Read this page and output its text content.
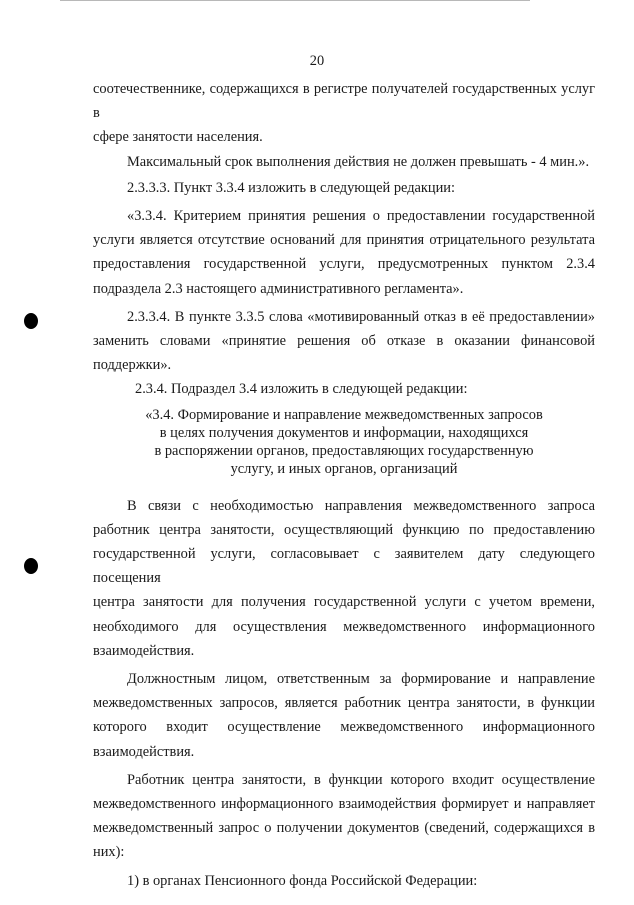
20

соотечественнике, содержащихся в регистре получателей государственных услуг в

сфере занятости населения.

Максимальный срок выполнения действия не должен превышать - 4 мин.».

2.3.3.3. Пункт 3.3.4 изложить в следующей редакции:

«3.3.4. Критерием принятия решения о предоставлении государственной

услуги является отсутствие оснований для принятия отрицательного результата

предоставления государственной услуги, предусмотренных пунктом 2.3.4

подраздела 2.3 настоящего административного регламента».

2.3.3.4. В пункте 3.3.5 слова «мотивированный отказ в её предоставлении»

заменить словами «принятие решения об отказе в оказании финансовой

поддержки».

2.3.4. Подраздел 3.4 изложить в следующей редакции:

«3.4. Формирование и направление межведомственных запросов
в целях получения документов и информации, находящихся
в распоряжении органов, предоставляющих государственную
услугу, и иных органов, организаций

В связи с необходимостью направления межведомственного запроса

работник центра занятости, осуществляющий функцию по предоставлению

государственной услуги, согласовывает с заявителем дату следующего посещения

центра занятости для получения государственной услуги с учетом времени,

необходимого для осуществления межведомственного информационного

взаимодействия.

Должностным лицом, ответственным за формирование и направление

межведомственных запросов, является работник центра занятости, в функции

которого входит осуществление межведомственного информационного

взаимодействия.

Работник центра занятости, в функции которого входит осуществление

межведомственного информационного взаимодействия формирует и направляет

межведомственный запрос о получении документов (сведений, содержащихся в

них):

1) в органах Пенсионного фонда Российской Федерации:
